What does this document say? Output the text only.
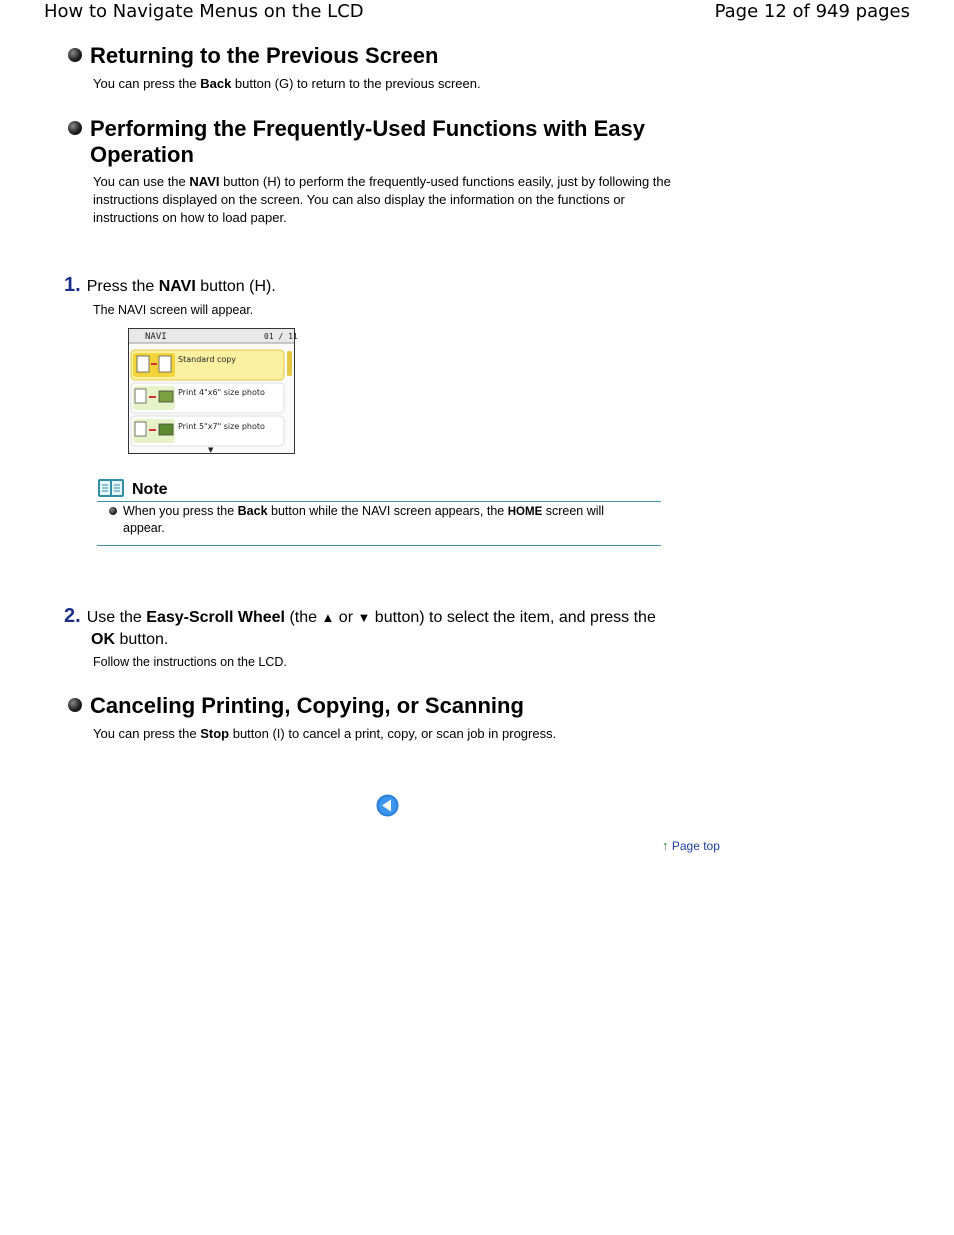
How to Navigate Menus on the LCD	Page 12 of 949 pages
Returning to the Previous Screen
You can press the Back button (G) to return to the previous screen.
Performing the Frequently-Used Functions with Easy
Operation
You can use the NAVI button (H) to perform the frequently-used functions easily, just by following the
instructions displayed on the screen. You can also display the information on the functions or
instructions on how to load paper.
1. Press the NAVI button (H).
The NAVI screen will appear.
NAVI	01 / 11
Standard copy
Print 4"x6" size photo
Print 5"x7" size photo
▼
Note
When you press the Back button while the NAVI screen appears, the HOME screen will
appear.
2. Use the Easy-Scroll Wheel (the ▲ or ▼ button) to select the item, and press the
OK button.
Follow the instructions on the LCD.
Canceling Printing, Copying, or Scanning
You can press the Stop button (I) to cancel a print, copy, or scan job in progress.
↑ Page top
